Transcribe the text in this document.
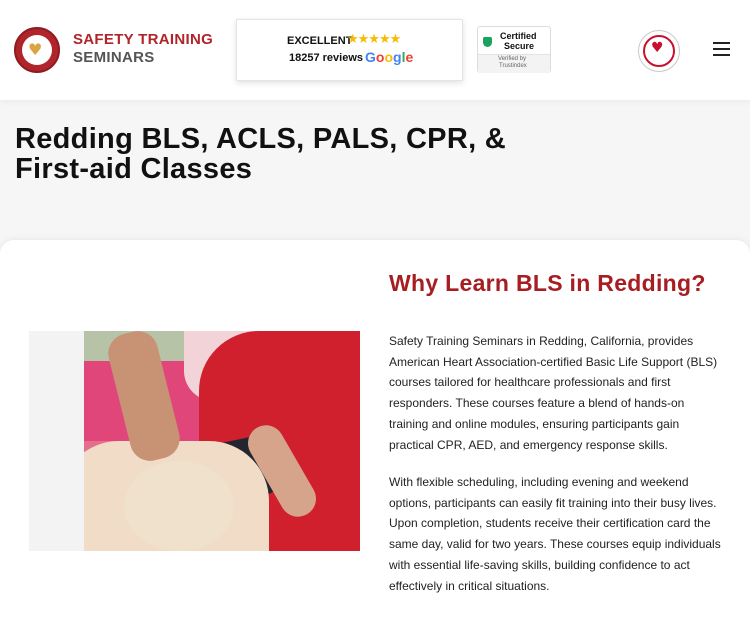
♥
SAFETY TRAINING
SEMINARS
EXCELLENT
★★★★★
18257 reviews Google
Certified
Secure
Verified by
Trustindex
♥
Redding BLS, ACLS, PALS, CPR, &
First-aid Classes
Why Learn BLS in Redding?

Safety Training Seminars in Redding, California, provides American Heart Association-certified Basic Life Support (BLS) courses tailored for healthcare professionals and first responders. These courses feature a blend of hands-on training and online modules, ensuring participants gain practical CPR, AED, and emergency response skills.

With flexible scheduling, including evening and weekend options, participants can easily fit training into their busy lives. Upon completion, students receive their certification card the same day, valid for two years. These courses equip individuals with essential life-saving skills, building confidence to act effectively in critical situations.
